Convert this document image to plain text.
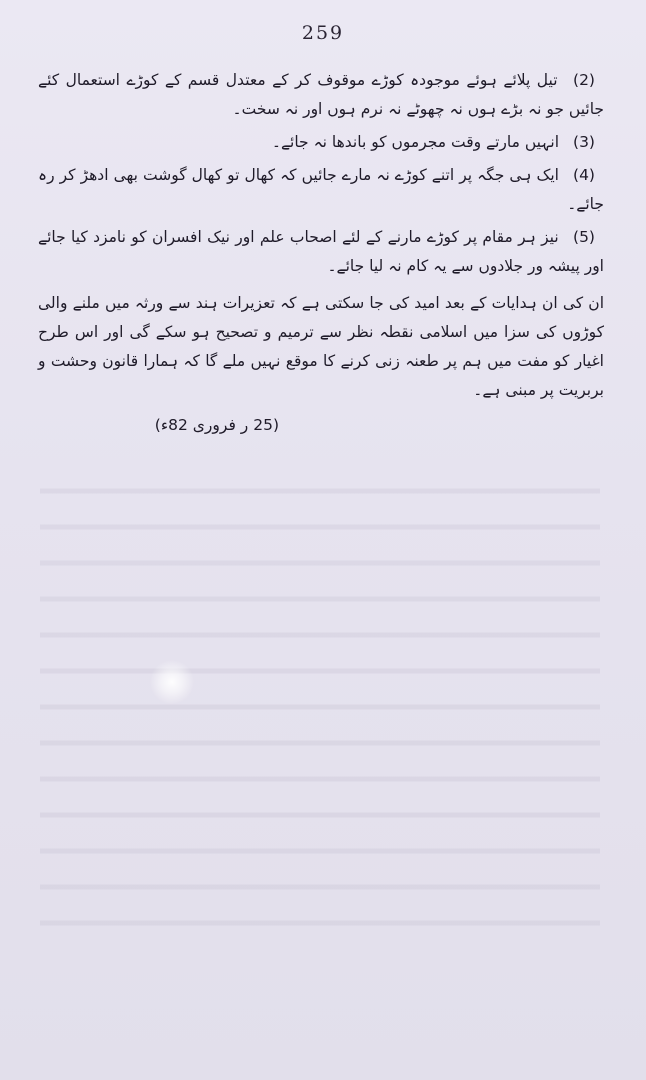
259

(2) تیل پلائے ہوئے موجودہ کوڑے موقوف کر کے معتدل قسم کے کوڑے استعمال کئے جائیں جو نہ بڑے ہوں نہ چھوٹے نہ نرم ہوں اور نہ سخت۔

(3) انہیں مارتے وقت مجرموں کو باندھا نہ جائے۔

(4) ایک ہی جگہ پر اتنے کوڑے نہ مارے جائیں کہ کھال تو کھال گوشت بھی ادھڑ کر رہ جائے۔

(5) نیز ہر مقام پر کوڑے مارنے کے لئے اصحاب علم اور نیک افسران کو نامزد کیا جائے اور پیشہ ور جلادوں سے یہ کام نہ لیا جائے۔

ان کی ان ہدایات کے بعد امید کی جا سکتی ہے کہ تعزیرات ہند سے ورثہ میں ملنے والی کوڑوں کی سزا میں اسلامی نقطہ نظر سے ترمیم و تصحیح ہو سکے گی اور اس طرح اغیار کو مفت میں ہم پر طعنہ زنی کرنے کا موقع نہیں ملے گا کہ ہمارا قانون وحشت و بربریت پر مبنی ہے۔

(25 ر فروری 82ء)
